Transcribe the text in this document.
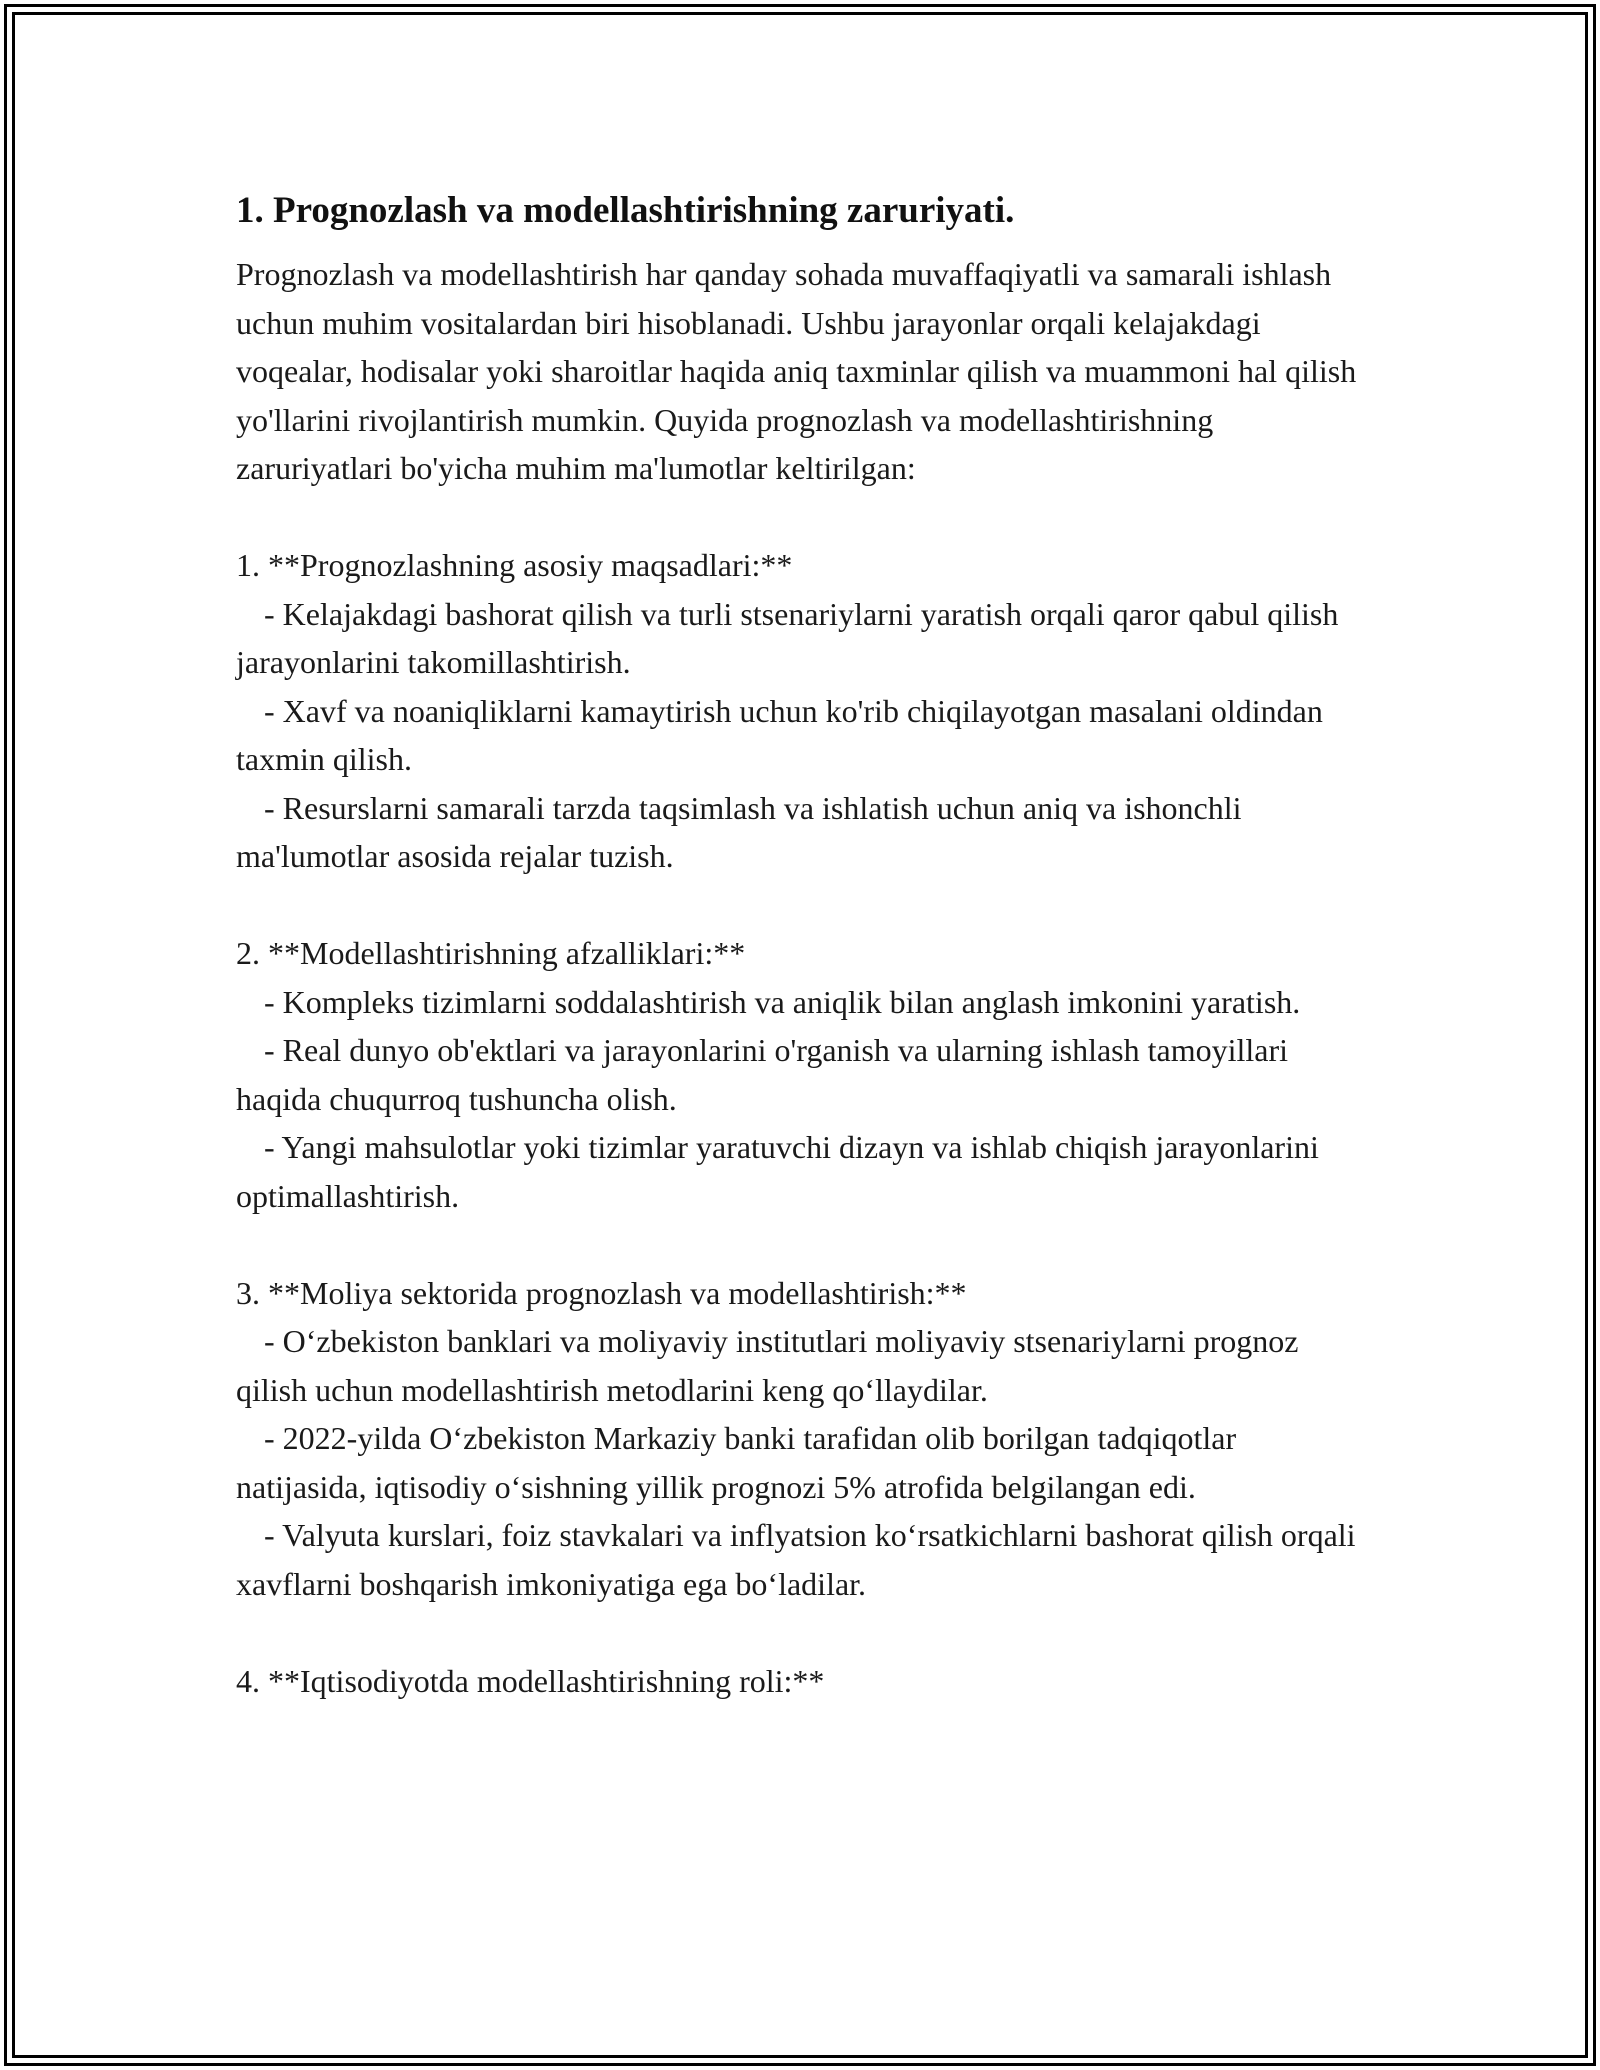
1. Prognozlash va modellashtirishning zaruriyati.

Prognozlash va modellashtirish har qanday sohada muvaffaqiyatli va samarali ishlash uchun muhim vositalardan biri hisoblanadi. Ushbu jarayonlar orqali kelajakdagi voqealar, hodisalar yoki sharoitlar haqida aniq taxminlar qilish va muammoni hal qilish yo'llarini rivojlantirish mumkin. Quyida prognozlash va modellashtirishning zaruriyatlari bo'yicha muhim ma'lumotlar keltirilgan:

1. **Prognozlashning asosiy maqsadlari:**

- Kelajakdagi bashorat qilish va turli stsenariylarni yaratish orqali qaror qabul qilish jarayonlarini takomillashtirish.

- Xavf va noaniqliklarni kamaytirish uchun ko'rib chiqilayotgan masalani oldindan taxmin qilish.

- Resurslarni samarali tarzda taqsimlash va ishlatish uchun aniq va ishonchli ma'lumotlar asosida rejalar tuzish.

2. **Modellashtirishning afzalliklari:**

- Kompleks tizimlarni soddalashtirish va aniqlik bilan anglash imkonini yaratish.

- Real dunyo ob'ektlari va jarayonlarini o'rganish va ularning ishlash tamoyillari haqida chuqurroq tushuncha olish.

- Yangi mahsulotlar yoki tizimlar yaratuvchi dizayn va ishlab chiqish jarayonlarini optimallashtirish.

3. **Moliya sektorida prognozlash va modellashtirish:**

- O‘zbekiston banklari va moliyaviy institutlari moliyaviy stsenariylarni prognoz qilish uchun modellashtirish metodlarini keng qo‘llaydilar.

- 2022-yilda O‘zbekiston Markaziy banki tarafidan olib borilgan tadqiqotlar natijasida, iqtisodiy o‘sishning yillik prognozi 5% atrofida belgilangan edi.

- Valyuta kurslari, foiz stavkalari va inflyatsion ko‘rsatkichlarni bashorat qilish orqali xavflarni boshqarish imkoniyatiga ega bo‘ladilar.

4. **Iqtisodiyotda modellashtirishning roli:**
